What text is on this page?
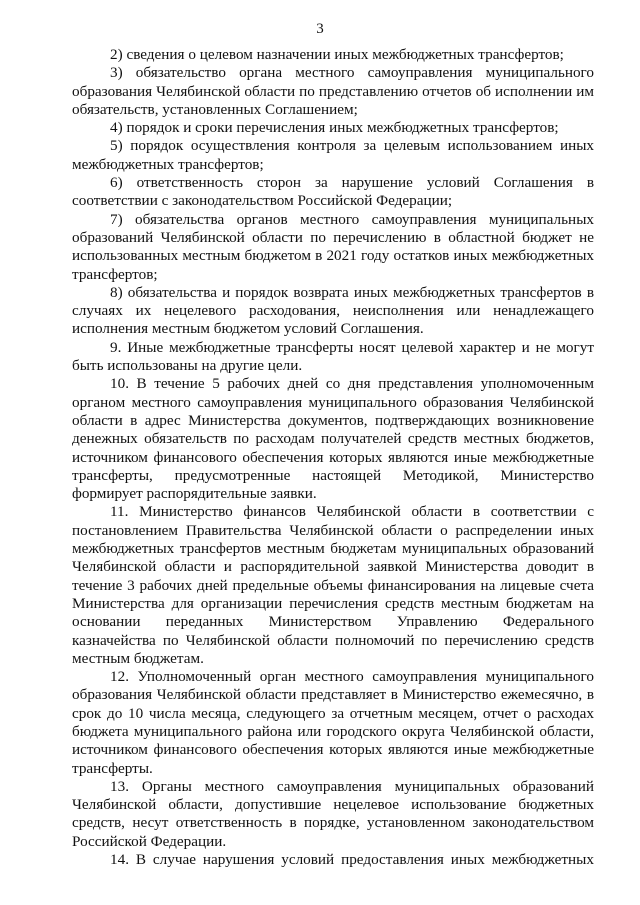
3

2) сведения о целевом назначении иных межбюджетных трансфертов;

3) обязательство органа местного самоуправления муниципального образования Челябинской области по представлению отчетов об исполнении им обязательств, установленных Соглашением;

4) порядок и сроки перечисления иных межбюджетных трансфертов;

5) порядок осуществления контроля за целевым использованием иных межбюджетных трансфертов;

6) ответственность сторон за нарушение условий Соглашения в соответствии с законодательством Российской Федерации;

7) обязательства органов местного самоуправления муниципальных образований Челябинской области по перечислению в областной бюджет не использованных местным бюджетом в 2021 году остатков иных межбюджетных трансфертов;

8) обязательства и порядок возврата иных межбюджетных трансфертов в случаях их нецелевого расходования, неисполнения или ненадлежащего исполнения местным бюджетом условий Соглашения.

9. Иные межбюджетные трансферты носят целевой характер и не могут быть использованы на другие цели.

10. В течение 5 рабочих дней со дня представления уполномоченным органом местного самоуправления муниципального образования Челябинской области в адрес Министерства документов, подтверждающих возникновение денежных обязательств по расходам получателей средств местных бюджетов, источником финансового обеспечения которых являются иные межбюджетные трансферты, предусмотренные настоящей Методикой, Министерство формирует распорядительные заявки.

11. Министерство финансов Челябинской области в соответствии с постановлением Правительства Челябинской области о распределении иных межбюджетных трансфертов местным бюджетам муниципальных образований Челябинской области и распорядительной заявкой Министерства доводит в течение 3 рабочих дней предельные объемы финансирования на лицевые счета Министерства для организации перечисления средств местным бюджетам на основании переданных Министерством Управлению Федерального казначейства по Челябинской области полномочий по перечислению средств местным бюджетам.

12. Уполномоченный орган местного самоуправления муниципального образования Челябинской области представляет в Министерство ежемесячно, в срок до 10 числа месяца, следующего за отчетным месяцем, отчет о расходах бюджета муниципального района или городского округа Челябинской области, источником финансового обеспечения которых являются иные межбюджетные трансферты.

13. Органы местного самоуправления муниципальных образований Челябинской области, допустившие нецелевое использование бюджетных средств, несут ответственность в порядке, установленном законодательством Российской Федерации.

14. В случае нарушения условий предоставления иных межбюджетных
